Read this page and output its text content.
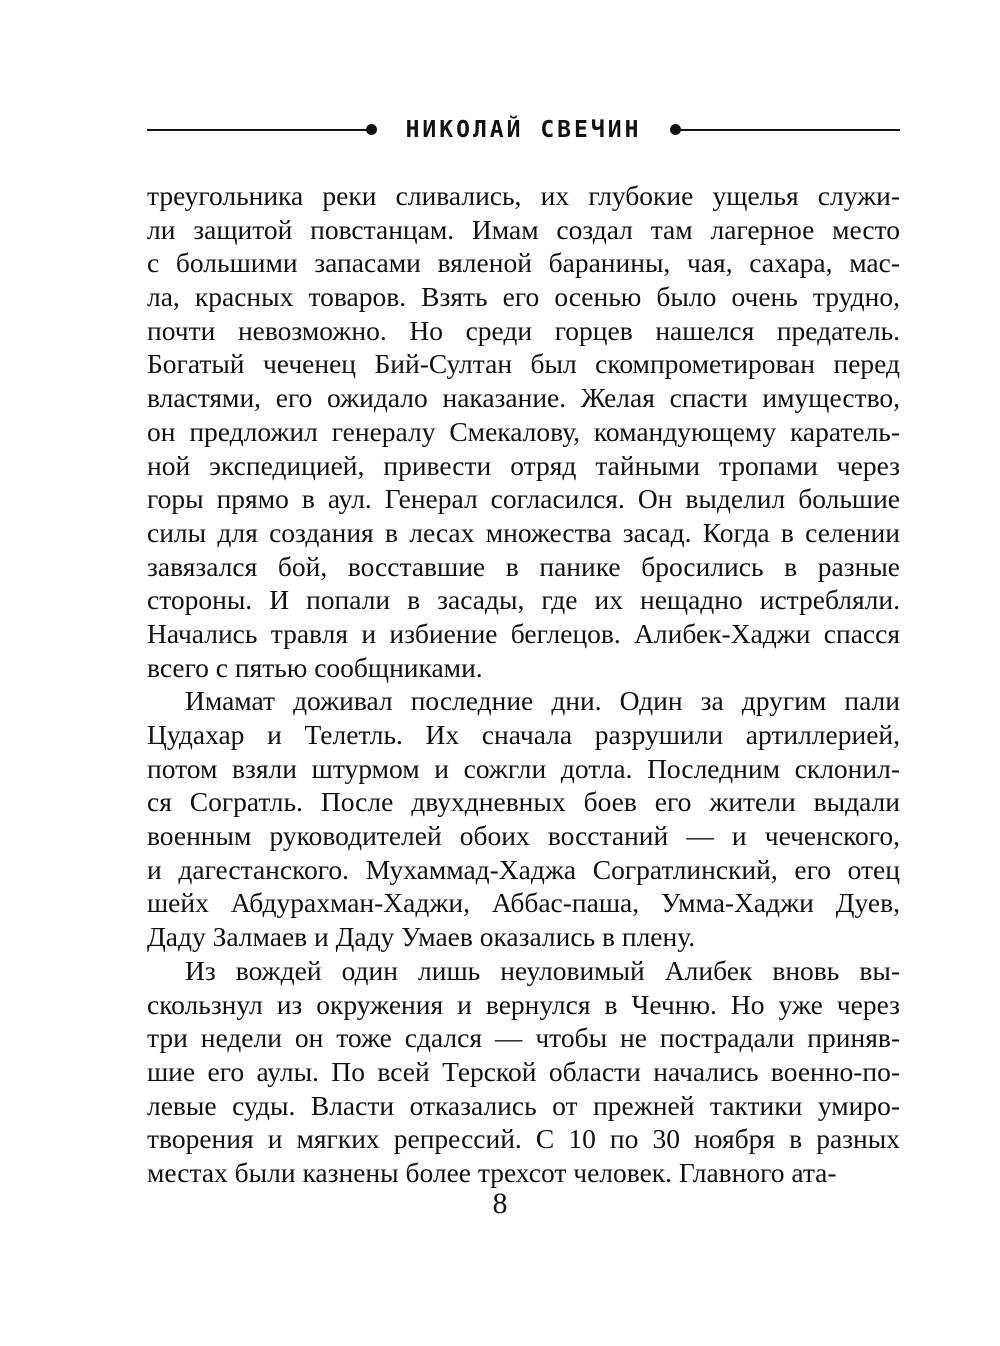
НИКОЛАЙ СВЕЧИН
треугольника реки сливались, их глубокие ущелья служи-
ли защитой повстанцам. Имам создал там лагерное место
с большими запасами вяленой баранины, чая, сахара, мас-
ла, красных товаров. Взять его осенью было очень трудно,
почти невозможно. Но среди горцев нашелся предатель.
Богатый чеченец Бий-Султан был скомпрометирован перед
властями, его ожидало наказание. Желая спасти имущество,
он предложил генералу Смекалову, командующему каратель-
ной экспедицией, привести отряд тайными тропами через
горы прямо в аул. Генерал согласился. Он выделил большие
силы для создания в лесах множества засад. Когда в селении
завязался бой, восставшие в панике бросились в разные
стороны. И попали в засады, где их нещадно истребляли.
Начались травля и избиение беглецов. Алибек-Хаджи спасся
всего с пятью сообщниками.
Имамат доживал последние дни. Один за другим пали
Цудахар и Телетль. Их сначала разрушили артиллерией,
потом взяли штурмом и сожгли дотла. Последним склонил-
ся Согратль. После двухдневных боев его жители выдали
военным руководителей обоих восстаний — и чеченского,
и дагестанского. Мухаммад-Хаджа Согратлинский, его отец
шейх Абдурахман-Хаджи, Аббас-паша, Умма-Хаджи Дуев,
Даду Залмаев и Даду Умаев оказались в плену.
Из вождей один лишь неуловимый Алибек вновь вы-
скользнул из окружения и вернулся в Чечню. Но уже через
три недели он тоже сдался — чтобы не пострадали приняв-
шие его аулы. По всей Терской области начались военно-по-
левые суды. Власти отказались от прежней тактики умиро-
творения и мягких репрессий. С 10 по 30 ноября в разных
местах были казнены более трехсот человек. Главного ата-
8
